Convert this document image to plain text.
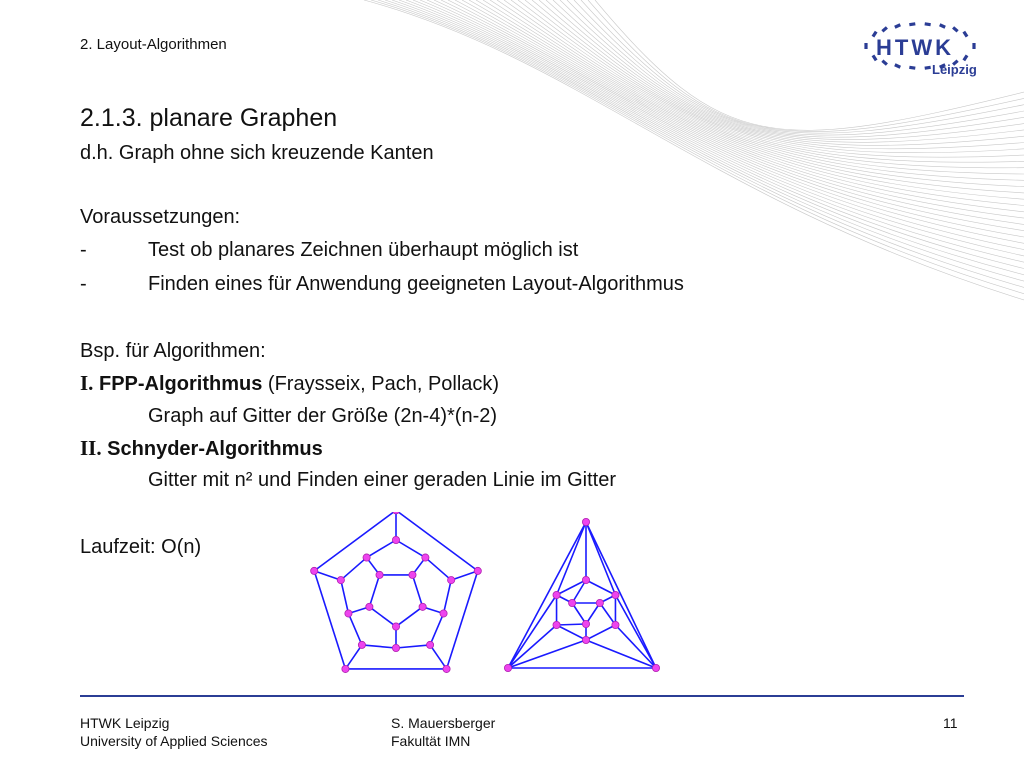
2. Layout-Algorithmen	HTWK
Leipzig
2.1.3. planare Graphen
d.h. Graph ohne sich kreuzende Kanten
Voraussetzungen:
-	Test ob planares Zeichnen überhaupt möglich ist
-	Finden eines für Anwendung geeigneten Layout-Algorithmus
Bsp. für Algorithmen:
I. FPP-Algorithmus (Fraysseix, Pach, Pollack)
Graph auf Gitter der Größe (2n-4)*(n-2)
II. Schnyder-Algorithmus
Gitter mit n² und Finden einer geraden Linie im Gitter
Laufzeit: O(n)
HTWK Leipzig
University of Applied Sciences
S. Mauersberger
Fakultät IMN
11
